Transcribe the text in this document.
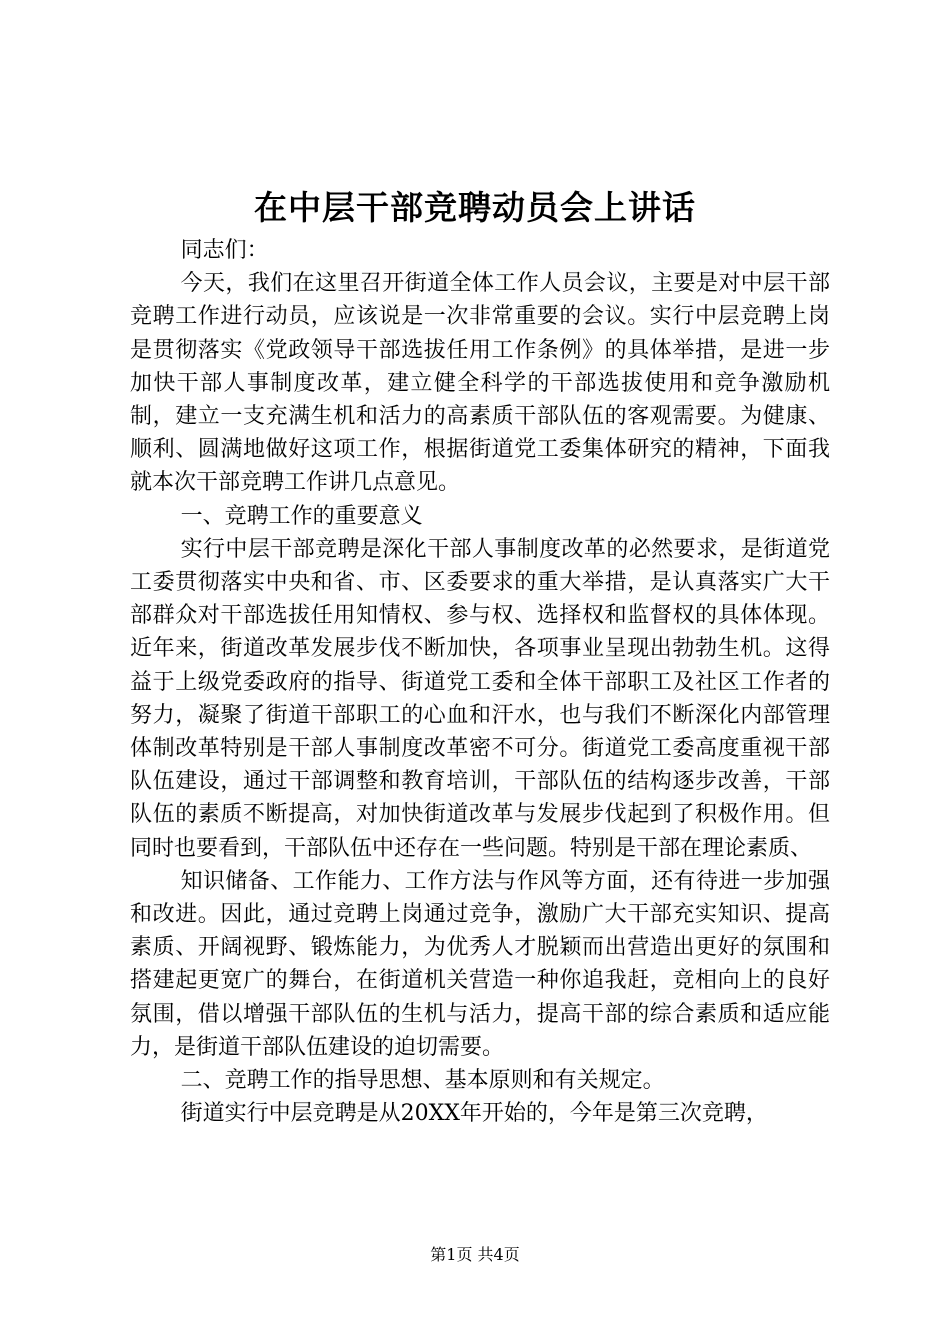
在中层干部竞聘动员会上讲话

同志们：

今天，我们在这里召开街道全体工作人员会议，主要是对中层干部竞聘工作进行动员，应该说是一次非常重要的会议。实行中层竞聘上岗是贯彻落实《党政领导干部选拔任用工作条例》的具体举措，是进一步加快干部人事制度改革，建立健全科学的干部选拔使用和竞争激励机制，建立一支充满生机和活力的高素质干部队伍的客观需要。为健康、顺利、圆满地做好这项工作，根据街道党工委集体研究的精神，下面我就本次干部竞聘工作讲几点意见。

一、竞聘工作的重要意义

实行中层干部竞聘是深化干部人事制度改革的必然要求，是街道党工委贯彻落实中央和省、市、区委要求的重大举措，是认真落实广大干部群众对干部选拔任用知情权、参与权、选择权和监督权的具体体现。近年来，街道改革发展步伐不断加快，各项事业呈现出勃勃生机。这得益于上级党委政府的指导、街道党工委和全体干部职工及社区工作者的努力，凝聚了街道干部职工的心血和汗水，也与我们不断深化内部管理体制改革特别是干部人事制度改革密不可分。街道党工委高度重视干部队伍建设，通过干部调整和教育培训，干部队伍的结构逐步改善，干部队伍的素质不断提高，对加快街道改革与发展步伐起到了积极作用。但同时也要看到，干部队伍中还存在一些问题。特别是干部在理论素质、

知识储备、工作能力、工作方法与作风等方面，还有待进一步加强和改进。因此，通过竞聘上岗通过竞争，激励广大干部充实知识、提高素质、开阔视野、锻炼能力，为优秀人才脱颖而出营造出更好的氛围和搭建起更宽广的舞台，在街道机关营造一种你追我赶，竞相向上的良好氛围，借以增强干部队伍的生机与活力，提高干部的综合素质和适应能力，是街道干部队伍建设的迫切需要。

二、竞聘工作的指导思想、基本原则和有关规定。

街道实行中层竞聘是从20XX年开始的，今年是第三次竞聘，

第1页 共4页
